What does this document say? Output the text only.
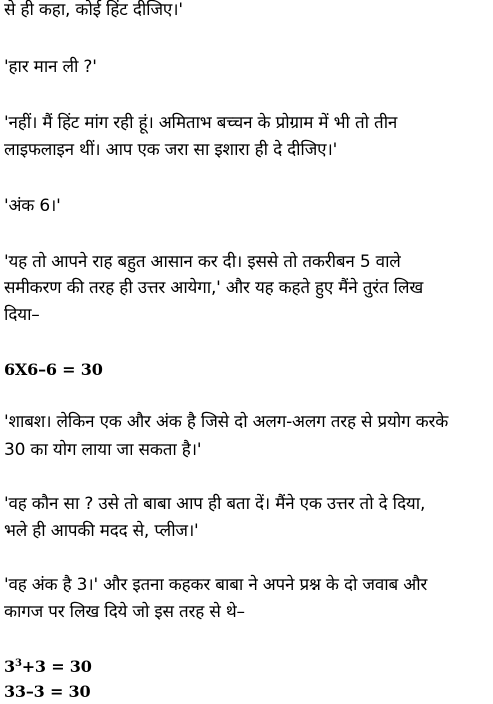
से ही कहा, कोई हिंट दीजिए।'
'हार मान ली ?'
'नहीं। मैं हिंट मांग रही हूं। अमिताभ बच्चन के प्रोग्राम में भी तो तीन
लाइफलाइन थीं। आप एक जरा सा इशारा ही दे दीजिए।'
'अंक 6।'
'यह तो आपने राह बहुत आसान कर दी। इससे तो तकरीबन 5 वाले
समीकरण की तरह ही उत्तर आयेगा,' और यह कहते हुए मैंने तुरंत लिख
दिया–
6X6–6 = 30
'शाबश। लेकिन एक और अंक है जिसे दो अलग-अलग तरह से प्रयोग करके
30 का योग लाया जा सकता है।'
'वह कौन सा ? उसे तो बाबा आप ही बता दें। मैंने एक उत्तर तो दे दिया,
भले ही आपकी मदद से, प्लीज।'
'वह अंक है 3।' और इतना कहकर बाबा ने अपने प्रश्न के दो जवाब और
कागज पर लिख दिये जो इस तरह से थे–
$3^3+3 = 30$
33–3 = 30
